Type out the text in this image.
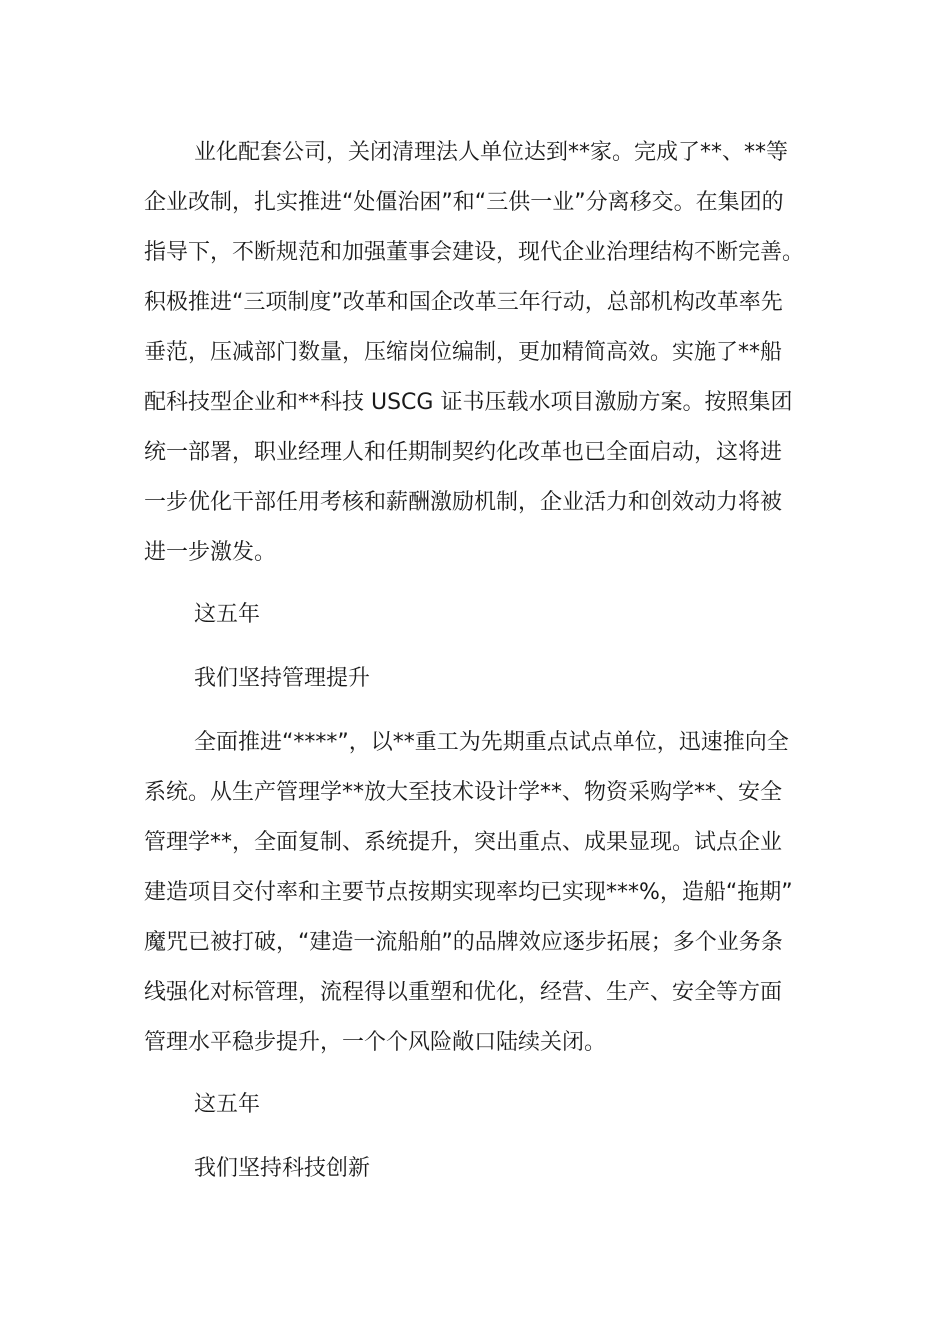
业化配套公司，关闭清理法人单位达到**家。完成了**、**等
企业改制，扎实推进“处僵治困”和“三供一业”分离移交。在集团的
指导下，不断规范和加强董事会建设，现代企业治理结构不断完善。
积极推进“三项制度”改革和国企改革三年行动，总部机构改革率先
垂范，压减部门数量，压缩岗位编制，更加精简高效。实施了**船
配科技型企业和**科技 USCG 证书压载水项目激励方案。按照集团
统一部署，职业经理人和任期制契约化改革也已全面启动，这将进
一步优化干部任用考核和薪酬激励机制，企业活力和创效动力将被
进一步激发。
这五年
我们坚持管理提升
全面推进“****”，以**重工为先期重点试点单位，迅速推向全
系统。从生产管理学**放大至技术设计学**、物资采购学**、安全
管理学**，全面复制、系统提升，突出重点、成果显现。试点企业
建造项目交付率和主要节点按期实现率均已实现***%，造船“拖期”
魔咒已被打破，“建造一流船舶”的品牌效应逐步拓展；多个业务条
线强化对标管理，流程得以重塑和优化，经营、生产、安全等方面
管理水平稳步提升，一个个风险敞口陆续关闭。
这五年
我们坚持科技创新
